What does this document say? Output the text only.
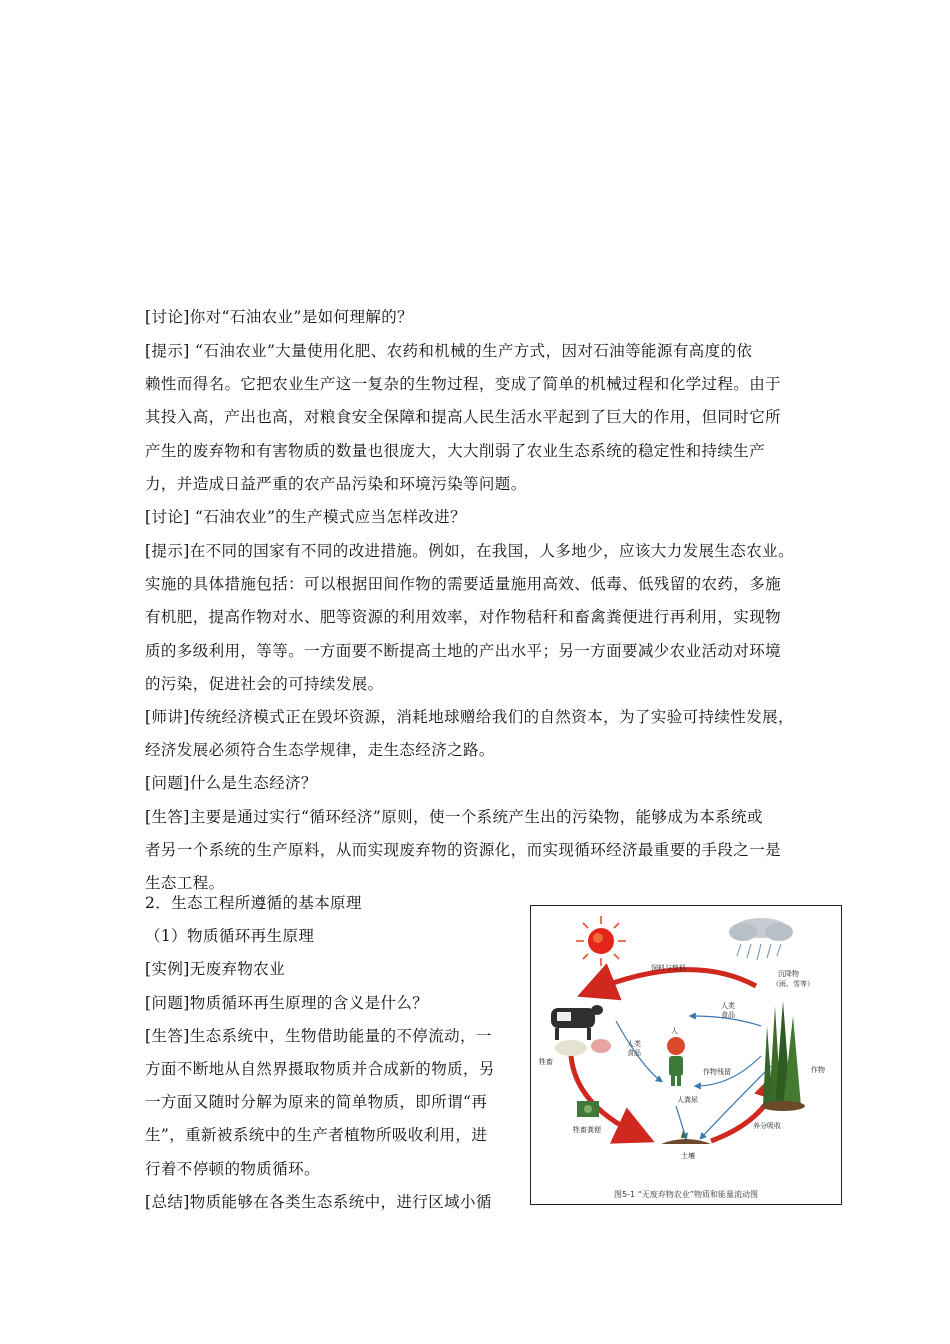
[讨论]你对“石油农业”是如何理解的？
[提示] “石油农业”大量使用化肥、农药和机械的生产方式，因对石油等能源有高度的依
赖性而得名。它把农业生产这一复杂的生物过程，变成了简单的机械过程和化学过程。由于
其投入高，产出也高，对粮食安全保障和提高人民生活水平起到了巨大的作用，但同时它所
产生的废弃物和有害物质的数量也很庞大，大大削弱了农业生态系统的稳定性和持续生产
力，并造成日益严重的农产品污染和环境污染等问题。
[讨论] “石油农业”的生产模式应当怎样改进？
[提示]在不同的国家有不同的改进措施。例如，在我国，人多地少，应该大力发展生态农业。
实施的具体措施包括：可以根据田间作物的需要适量施用高效、低毒、低残留的农药，多施
有机肥，提高作物对水、肥等资源的利用效率，对作物秸秆和畜禽粪便进行再利用，实现物
质的多级利用，等等。一方面要不断提高土地的产出水平；另一方面要减少农业活动对环境
的污染，促进社会的可持续发展。
[师讲]传统经济模式正在毁坏资源，消耗地球赠给我们的自然资本，为了实验可持续性发展，
经济发展必须符合生态学规律，走生态经济之路。
[问题]什么是生态经济？
[生答]主要是通过实行“循环经济”原则，使一个系统产生出的污染物，能够成为本系统或
者另一个系统的生产原料，从而实现废弃物的资源化，而实现循环经济最重要的手段之一是
生态工程。
2．生态工程所遵循的基本原理
（1）物质循环再生原理
[实例]无废弃物农业
[问题]物质循环再生原理的含义是什么？
[生答]生态系统中，生物借助能量的不停流动，一
方面不断地从自然界摄取物质并合成新的物质，另
一方面又随时分解为原来的简单物质，即所谓“再
生”，重新被系统中的生产者植物所吸收利用，进
行着不停顿的物质循环。
[总结]物质能够在各类生态系统中，进行区域小循
饲料与垫料
沉降物
（雨、雪等）
人类
食品
人
人类
食品
牲畜
作物
作物残留
人粪尿
养分吸收
牲畜粪便
土壤
图5-1 “无废弃物农业”物质和能量流动图
